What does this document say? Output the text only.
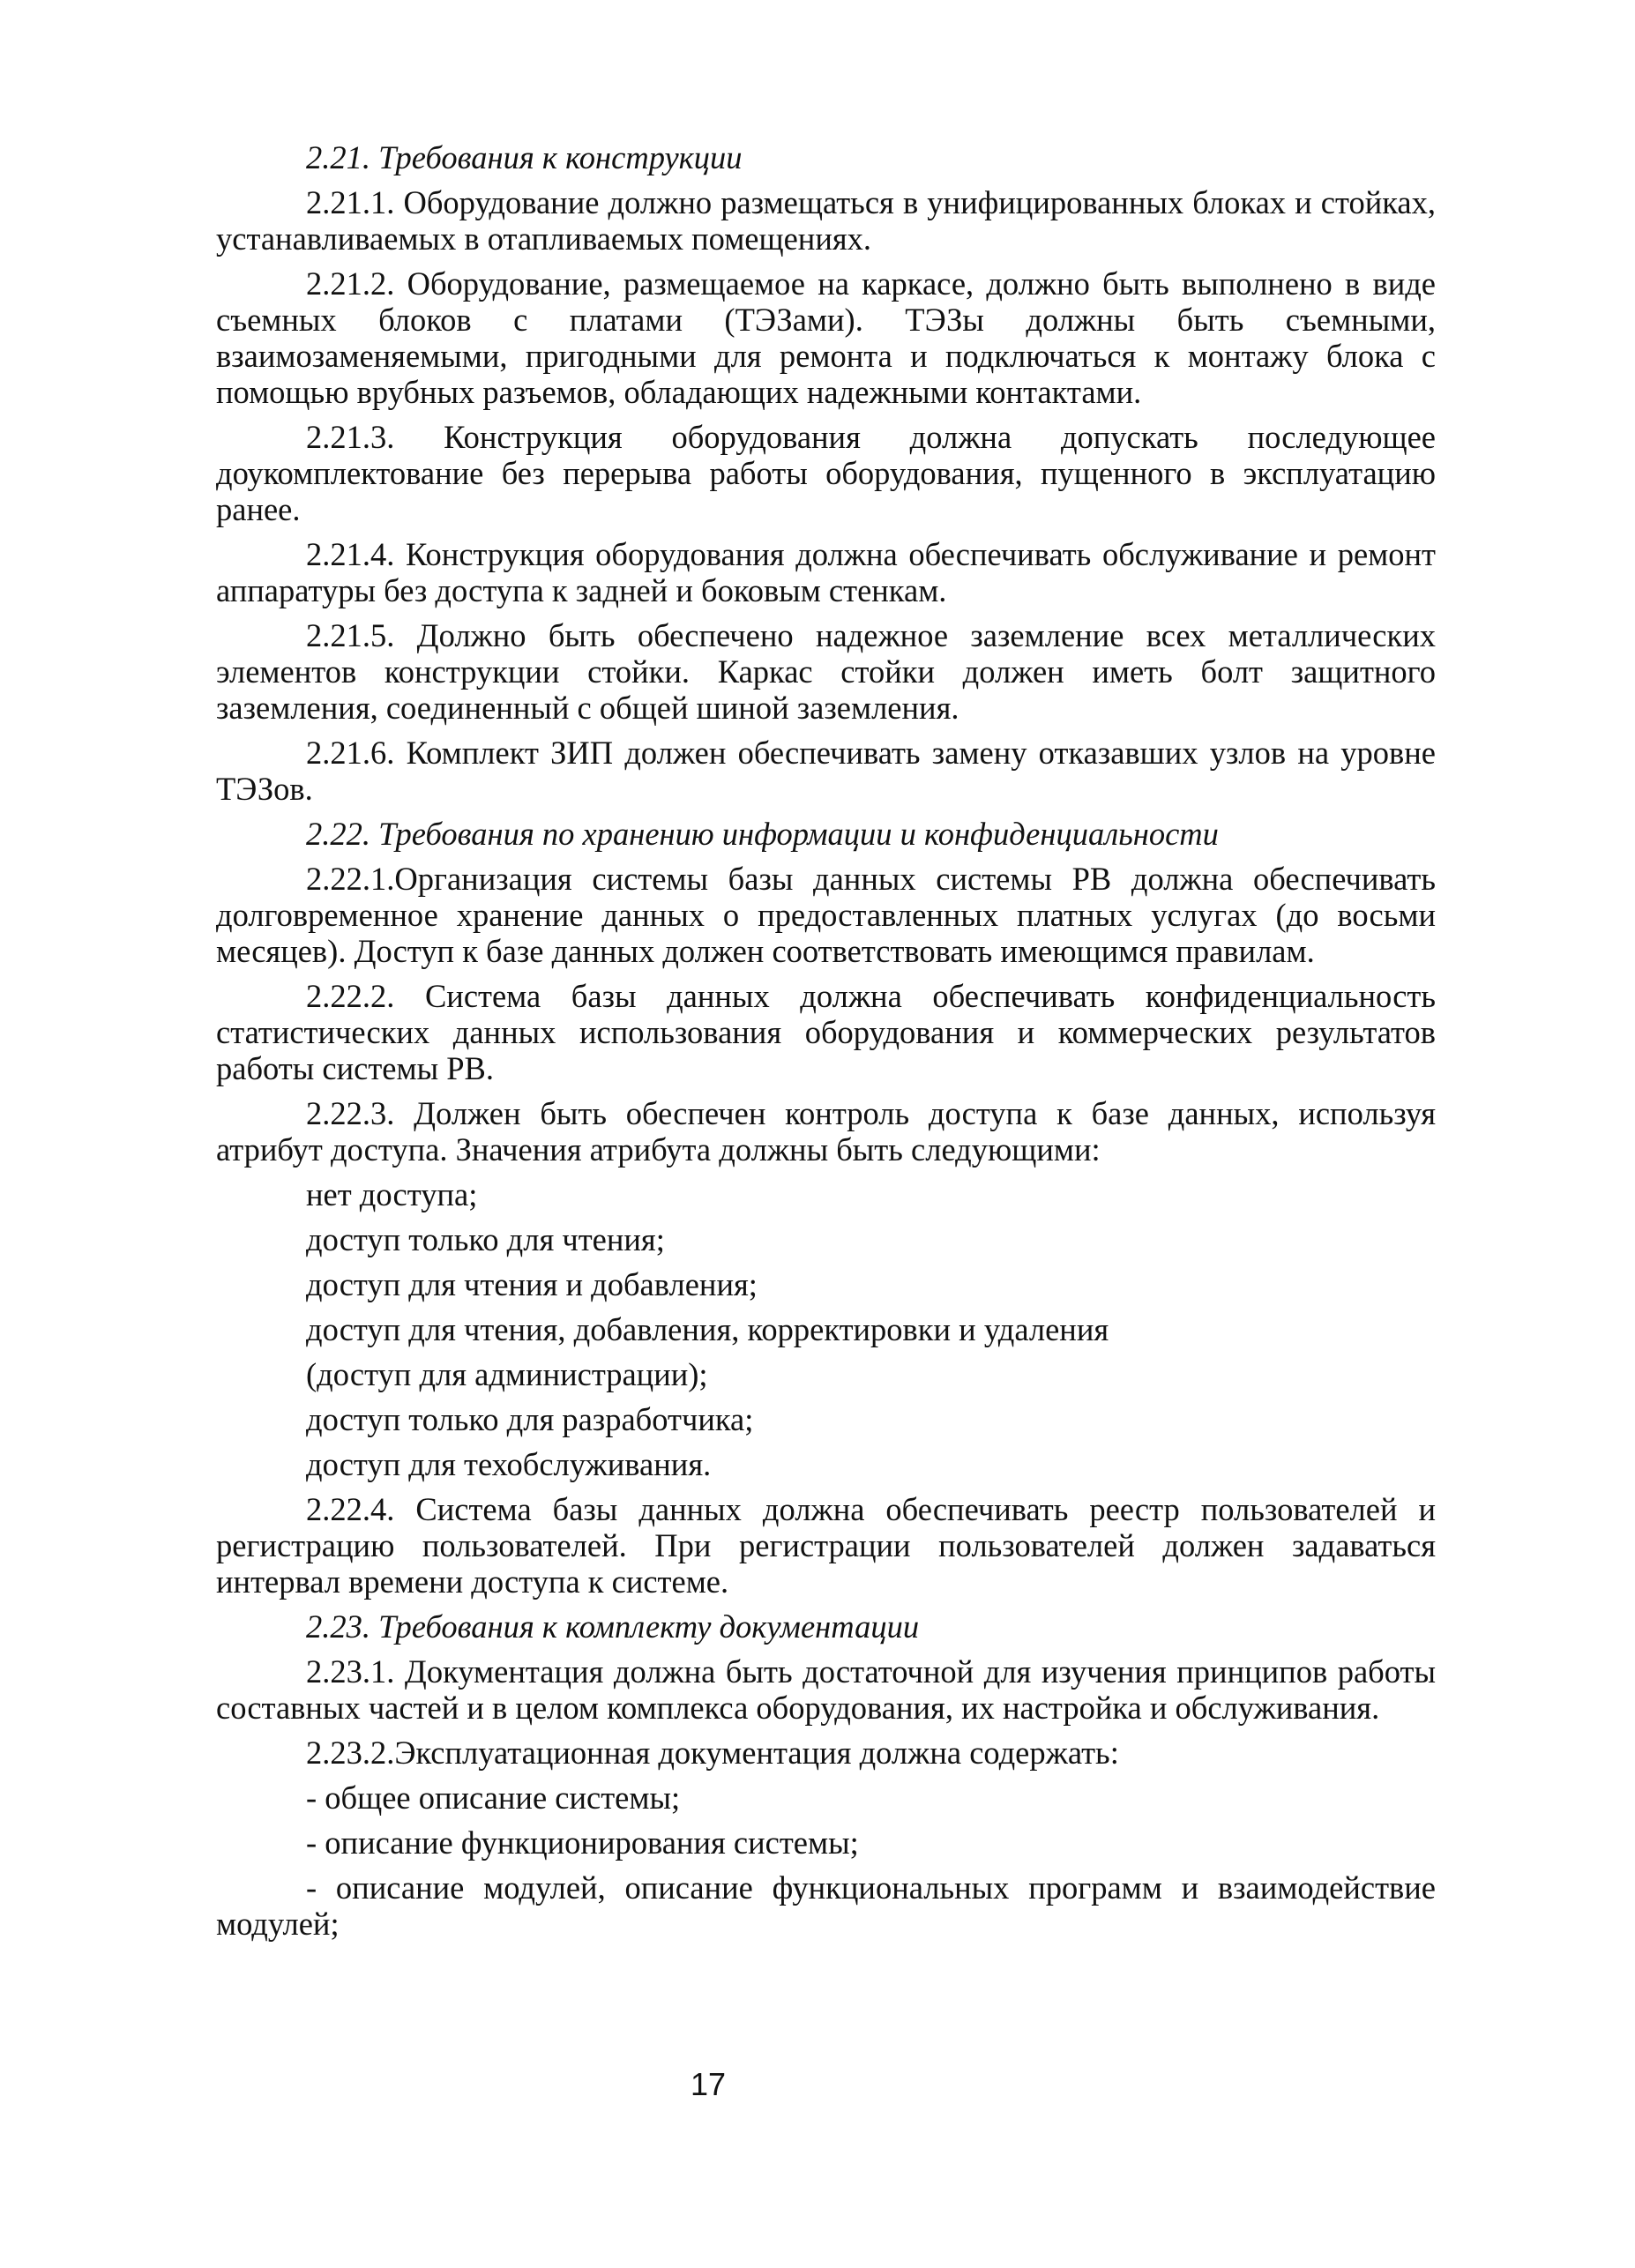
2.21. Требования к конструкции

2.21.1. Оборудование должно размещаться в унифицированных блоках и стойках, устанавливаемых в отапливаемых помещениях.

2.21.2. Оборудование, размещаемое на каркасе, должно быть выполнено в виде съемных блоков с платами (ТЭЗами). ТЭЗы должны быть съемными, взаимозаменяемыми, пригодными для ремонта и подключаться к монтажу блока с помощью врубных разъемов, обладающих надежными контактами.

2.21.3. Конструкция оборудования должна допускать последующее доукомплектование без перерыва работы оборудования, пущенного в эксплуатацию ранее.

2.21.4. Конструкция оборудования должна обеспечивать обслуживание и ремонт аппаратуры без доступа к задней и боковым стенкам.

2.21.5. Должно быть обеспечено надежное заземление всех металлических элементов конструкции стойки. Каркас стойки должен иметь болт защитного заземления, соединенный с общей шиной заземления.

2.21.6. Комплект ЗИП должен обеспечивать замену отказавших узлов на уровне ТЭЗов.

2.22. Требования по хранению информации и конфиденциальности

2.22.1.Организация системы базы данных системы РВ должна обеспечивать долговременное хранение данных о предоставленных платных услугах (до восьми месяцев). Доступ к базе данных должен соответствовать имеющимся правилам.

2.22.2. Система базы данных должна обеспечивать конфиденциальность статистических данных использования оборудования и коммерческих результатов работы системы РВ.

2.22.3. Должен быть обеспечен контроль доступа к базе данных, используя атрибут доступа. Значения атрибута должны быть следующими:

нет доступа;
доступ только для чтения;
доступ для чтения и добавления;
доступ для чтения, добавления, корректировки и удаления
(доступ для администрации);
доступ только для разработчика;
доступ для техобслуживания.

2.22.4. Система базы данных должна обеспечивать реестр пользователей и регистрацию пользователей. При регистрации пользователей должен задаваться интервал времени доступа к системе.

2.23. Требования к комплекту документации

2.23.1. Документация должна быть достаточной для изучения принципов работы составных частей и в целом комплекса оборудования, их настройка и обслуживания.

2.23.2.Эксплуатационная документация должна содержать:

- общее описание системы;
- описание функционирования системы;
- описание модулей, описание функциональных программ и взаимодействие модулей;
17
